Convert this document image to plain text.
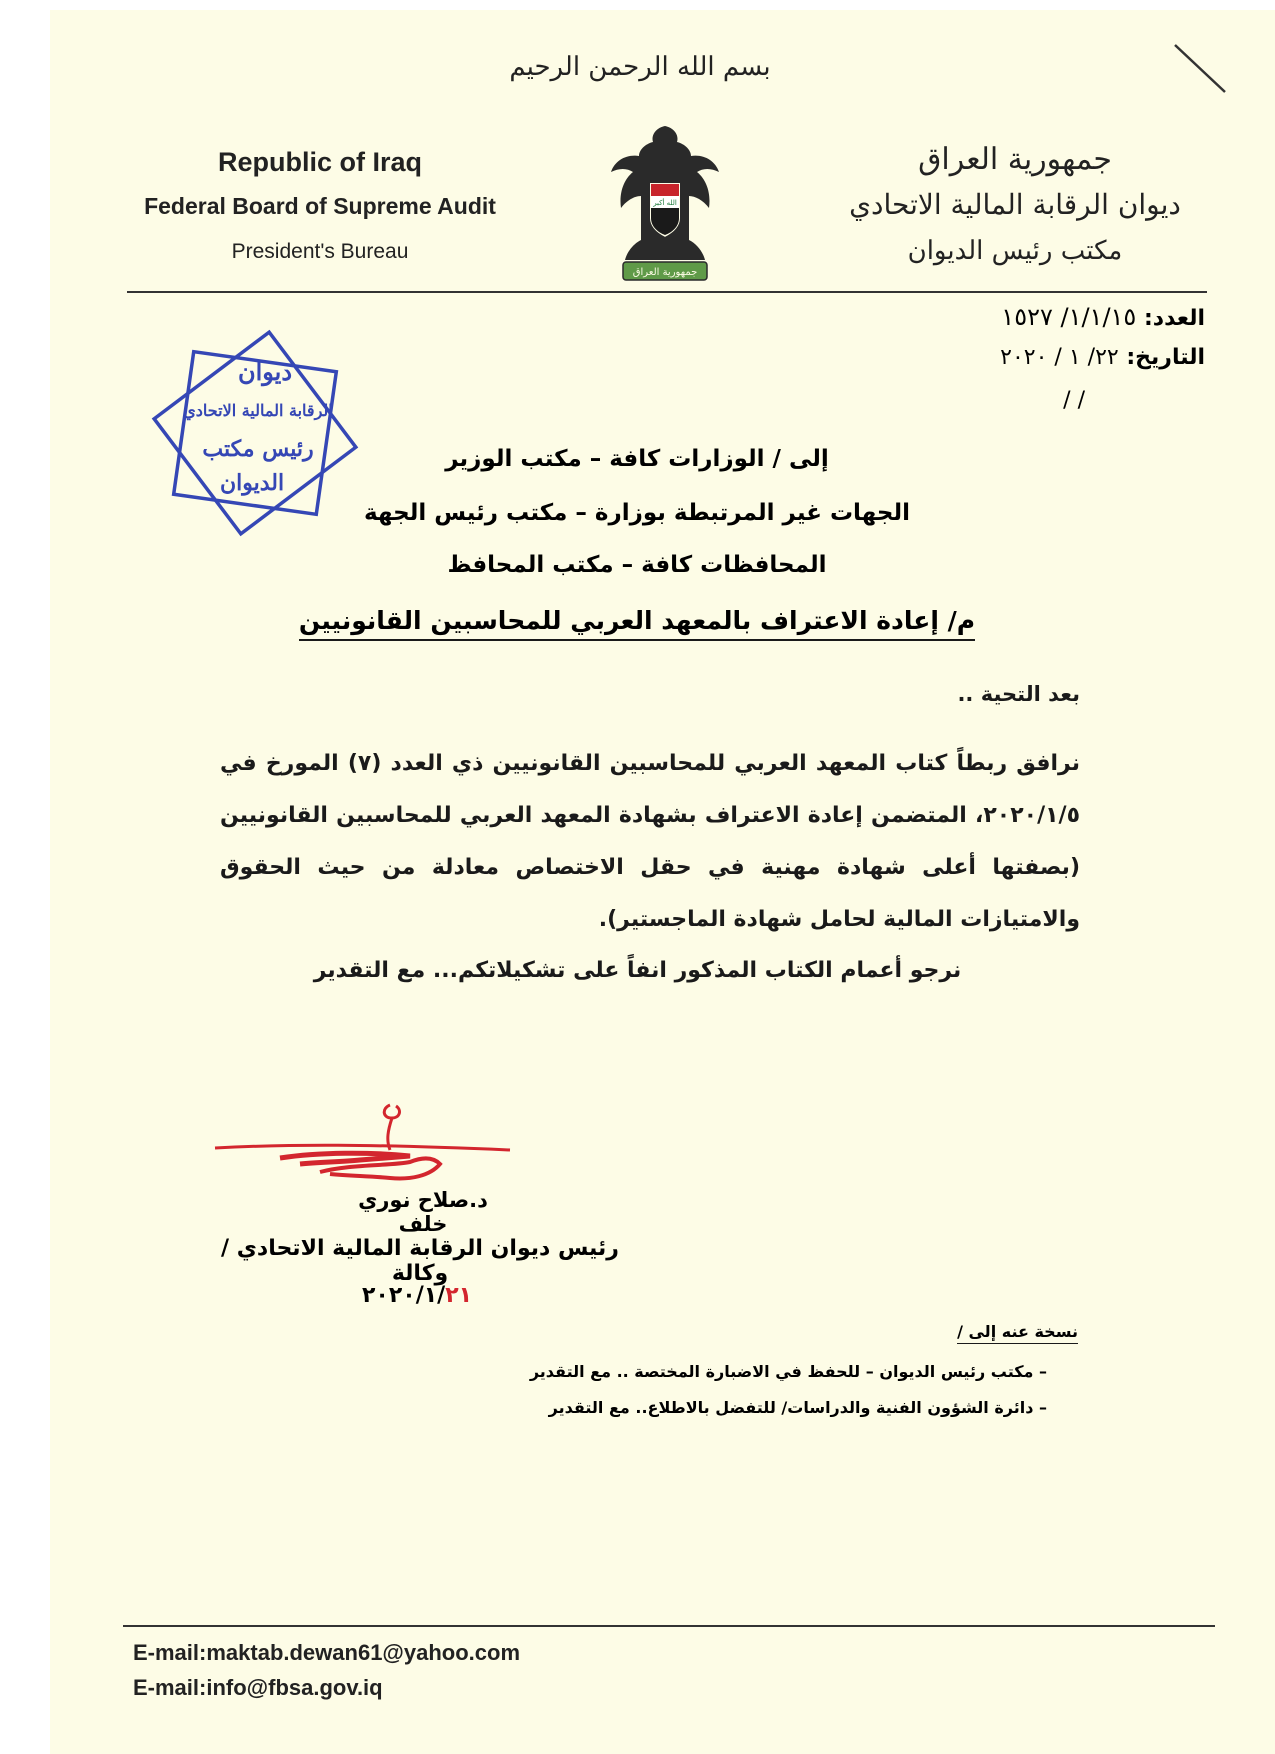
بسم الله الرحمن الرحيم
Republic of Iraq
Federal Board of Supreme Audit
President's Bureau
الله أكبر
جمهورية العراق
جمهورية العراق
ديوان الرقابة المالية الاتحادي
مكتب رئيس الديوان
العدد: ١/١/١٥/ ١٥٢٧
التاريخ: ٢٢/ ١ / ٢٠٢٠
/ /
ديوان
الرقابة المالية الاتحادي
رئيس مكتب
الديوان
إلى / الوزارات كافة – مكتب الوزير
الجهات غير المرتبطة بوزارة – مكتب رئيس الجهة
المحافظات كافة – مكتب المحافظ
م/ إعادة الاعتراف بالمعهد العربي للمحاسبين القانونيين
بعد التحية ..
نرافق ربطاً كتاب المعهد العربي للمحاسبين القانونيين ذي العدد (٧) المورخ في ٢٠٢٠/١/٥، المتضمن إعادة الاعتراف بشهادة المعهد العربي للمحاسبين القانونيين (بصفتها أعلى شهادة مهنية في حقل الاختصاص معادلة من حيث الحقوق والامتيازات المالية لحامل شهادة الماجستير).
نرجو أعمام الكتاب المذكور انفاً على تشكيلاتكم... مع التقدير
د.صلاح نوري خلف
رئيس ديوان الرقابة المالية الاتحادي / وكالة
٢٠٢٠/١/٢١
نسخة عنه إلى /
– مكتب رئيس الديوان – للحفظ في الاضبارة المختصة .. مع التقدير
– دائرة الشؤون الفنية والدراسات/ للتفضل بالاطلاع.. مع التقدير
E-mail:maktab.dewan61@yahoo.com
E-mail:info@fbsa.gov.iq
